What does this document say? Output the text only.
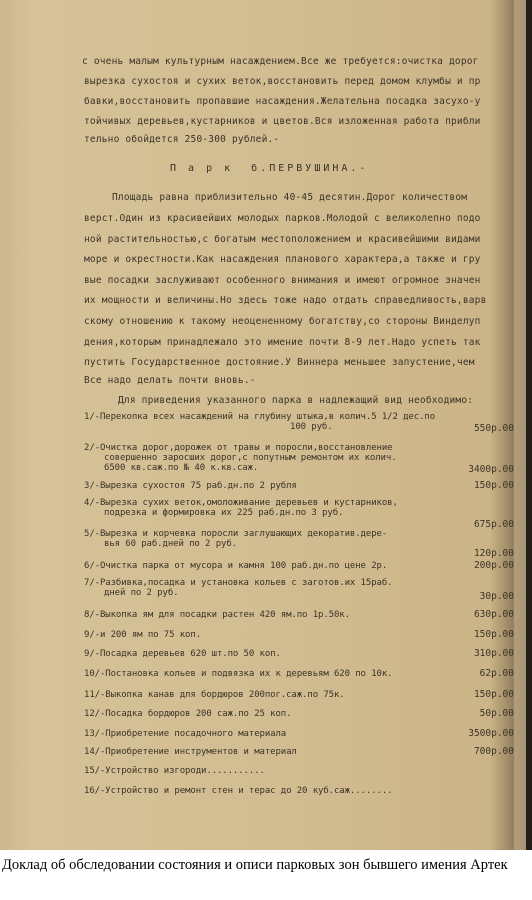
с очень малым культурным насаждением.Все же требуется:очистка дорог
вырезка сухостоя и сухих веток,восстановить перед домом клумбы и пр
бавки,восстановить пропавшие насаждения.Желательна посадка засухо-у
тойчивых деревьев,кустарников и цветов.Вся изложенная работа прибли
тельно обойдется 250-300 рублей.-
П а р к  б.ПЕРВУШИНА.-
Площадь равна приблизительно 40-45 десятин.Дорог количеством
верст.Один из красивейших молодых парков.Молодой с великолепно подо
ной растительностью,с богатым местоположением и красивейшими видами
море и окрестности.Как насаждения планового характера,а также и гру
вые посадки заслуживают особенного внимания и имеют огромное значен
их мощности и величины.Но здесь тоже надо отдать справедливость,варв
скому отношению к такому неоцененному богатству,со стороны Винделуп
дения,которым принадлежало это имение почти 8-9 лет.Надо успеть так
пустить Государственное достояние.У Виннера меньшее запустение,чем
Все надо делать почти вновь.-
Для приведения указанного парка в надлежащий вид необходимо:
1/-Перекопка всех насаждений на глубину штыка,в колич.5 1/2 дес.по
100 руб.	550р.00
2/-Очистка дорог,дорожек от травы и поросли,восстановление
совершенно заросших дорог,с попутным ремонтом их колич.
6500 кв.саж.по № 40 к.кв.саж.	3400р.00
3/-Вырезка сухостоя 75 раб.дн.по 2 рубля	150р.00
4/-Вырезка сухих веток,омоложивание деревьев и кустарников,
подрезка и формировка их 225 раб.дн.по 3 руб.
675р.00
5/-Вырезка и корчевка поросли заглушающих декоратив.дере-
вья 60 раб.дней по 2 руб.
120р.00
6/-Очистка парка от мусора и камня 100 раб.дн.по цене 2р.	200р.00
7/-Разбивка,посадка и установка кольев с заготов.их 15раб.
дней по 2 руб.	30р.00
8/-Выкопка ям для посадки растен 420 ям.по 1р.50к.	630р.00
9/-и 200 ям по 75 коп.	150р.00
9/-Посадка деревьев 620 шт.по 50 коп.	310р.00
10/-Постановка кольев и подвязка их к деревьям 620 по 10к.	62р.00
11/-Выкопка канав для бордюров 200пог.саж.по 75к.	150р.00
12/-Посадка бордюров 200 саж.по 25 коп.	50р.00
13/-Приобретение посадочного материала	3500р.00
14/-Приобретение инструментов и материал	700р.00
15/-Устройство изгороди...........
16/-Устройство и ремонт стен и терас до 20 куб.саж........
Доклад об обследовании состояния и описи парковых зон бывшего имения Артек
